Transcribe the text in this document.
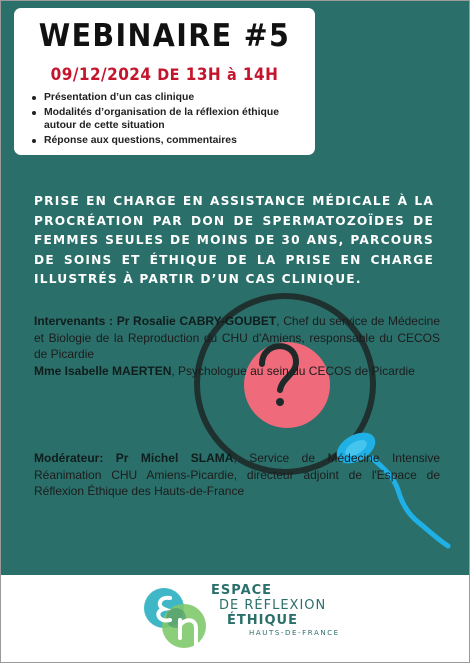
WEBINAIRE #5
09/12/2024 DE 13H à 14H
Présentation d’un cas clinique
Modalités d’organisation de la réflexion éthique autour de cette situation
Réponse aux questions, commentaires
PRISE EN CHARGE EN ASSISTANCE MÉDICALE À LA PROCRÉATION PAR DON DE SPERMATOZOÏDES DE FEMMES SEULES DE MOINS DE 30 ANS, PARCOURS DE SOINS ET ÉTHIQUE DE LA PRISE EN CHARGE ILLUSTRÉS À PARTIR D’UN CAS CLINIQUE.
Intervenants : Pr Rosalie CABRY-GOUBET, Chef du service de Médecine et Biologie de la Reproduction du CHU d'Amiens, responsable du CECOS de Picardie
Mme Isabelle MAERTEN, Psychologue au sein du CECOS de Picardie
Modérateur: Pr Michel SLAMA, Service de Médecine Intensive Réanimation CHU Amiens-Picardie, directeur adjoint de l'Espace de Réflexion Éthique des Hauts-de-France
ESPACE
DE RÉFLEXION
ÉTHIQUE
HAUTS-DE-FRANCE
